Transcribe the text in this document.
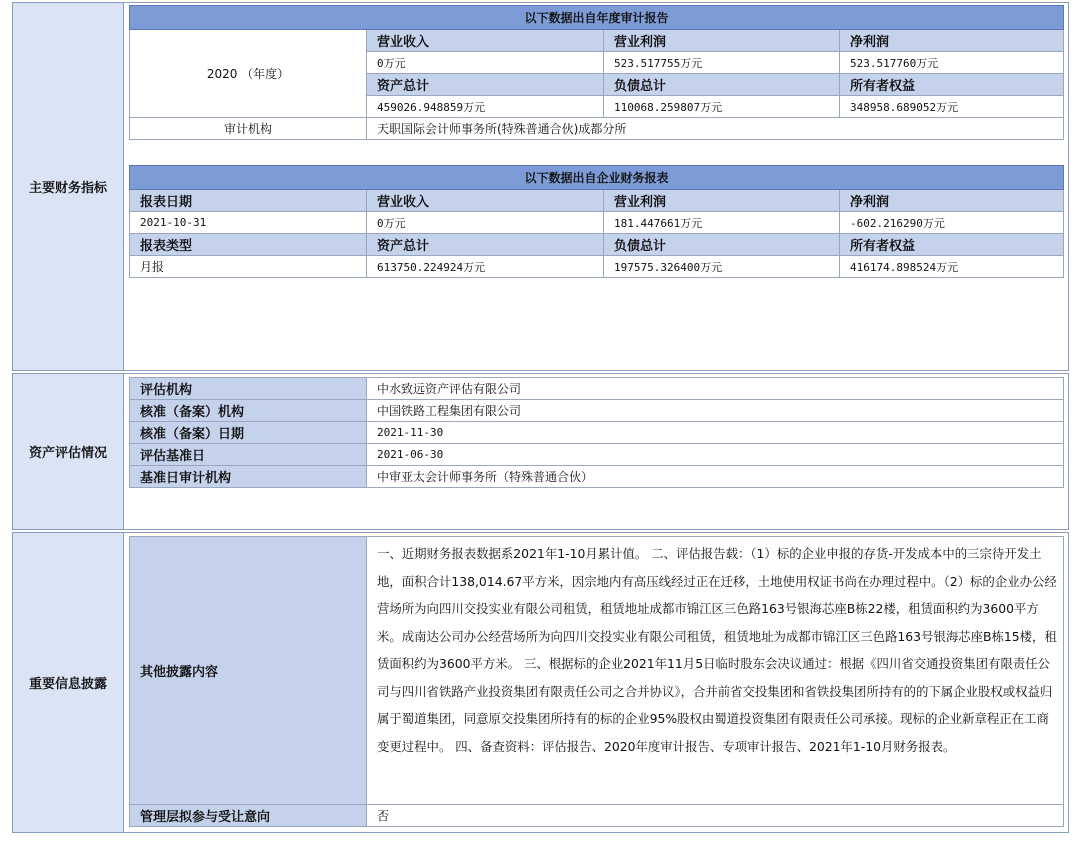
主要财务指标
以下数据出自年度审计报告			
2020 （年度）	营业收入	营业利润	净利润
	0万元	523.517755万元	523.517760万元
	资产总计	负债总计	所有者权益
	459026.948859万元	110068.259807万元	348958.689052万元
审计机构	天职国际会计师事务所(特殊普通合伙)成都分所		
以下数据出自企业财务报表			
报表日期	营业收入	营业利润	净利润
2021-10-31	0万元	181.447661万元	-602.216290万元
报表类型	资产总计	负债总计	所有者权益
月报	613750.224924万元	197575.326400万元	416174.898524万元
资产评估情况
评估机构	中水致远资产评估有限公司
核准（备案）机构	中国铁路工程集团有限公司
核准（备案）日期	2021-11-30
评估基准日	2021-06-30
基准日审计机构	中审亚太会计师事务所（特殊普通合伙）
重要信息披露
其他披露内容	一、近期财务报表数据系2021年1-10月累计值。 二、评估报告载：（1）标的企业申报的存货-开发成本中的三宗待开发土地，面积合计138,014.67平方米，因宗地内有高压线经过正在迁移，土地使用权证书尚在办理过程中。（2）标的企业办公经营场所为向四川交投实业有限公司租赁，租赁地址成都市锦江区三色路163号银海芯座B栋22楼，租赁面积约为3600平方米。成南达公司办公经营场所为向四川交投实业有限公司租赁，租赁地址为成都市锦江区三色路163号银海芯座B栋15楼，租赁面积约为3600平方米。 三、根据标的企业2021年11月5日临时股东会决议通过：根据《四川省交通投资集团有限责任公司与四川省铁路产业投资集团有限责任公司之合并协议》，合并前省交投集团和省铁投集团所持有的的下属企业股权或权益归属于蜀道集团，同意原交投集团所持有的标的企业95%股权由蜀道投资集团有限责任公司承接。现标的企业新章程正在工商变更过程中。 四、备查资料：评估报告、2020年度审计报告、专项审计报告、2021年1-10月财务报表。
管理层拟参与受让意向	否
